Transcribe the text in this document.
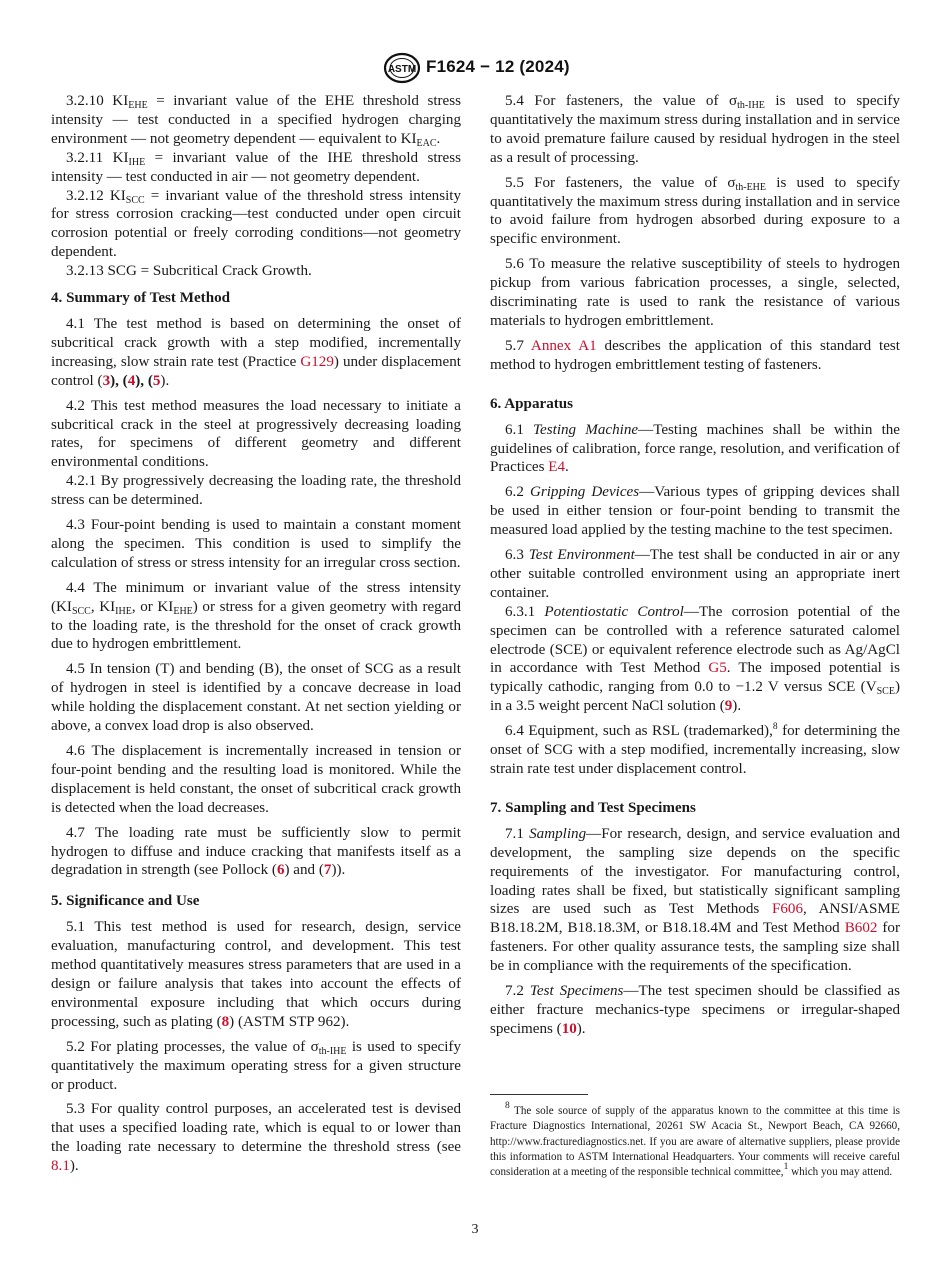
ASTM F1624 − 12 (2024)

3.2.10 $KI_{EHE}$ = invariant value of the EHE threshold stress intensity — test conducted in a specified hydrogen charging environment — not geometry dependent — equivalent to $KI_{EAC}$.

3.2.11 $KI_{IHE}$ = invariant value of the IHE threshold stress intensity — test conducted in air — not geometry dependent.

3.2.12 $KI_{SCC}$ = invariant value of the threshold stress intensity for stress corrosion cracking—test conducted under open circuit corrosion potential or freely corroding conditions—not geometry dependent.

3.2.13 SCG = Subcritical Crack Growth.

4. Summary of Test Method

4.1 The test method is based on determining the onset of subcritical crack growth with a step modified, incrementally increasing, slow strain rate test (Practice G129) under displacement control (3), (4), (5).

4.2 This test method measures the load necessary to initiate a subcritical crack in the steel at progressively decreasing loading rates, for specimens of different geometry and different environmental conditions.

4.2.1 By progressively decreasing the loading rate, the threshold stress can be determined.

4.3 Four-point bending is used to maintain a constant moment along the specimen. This condition is used to simplify the calculation of stress or stress intensity for an irregular cross section.

4.4 The minimum or invariant value of the stress intensity ($KI_{SCC}$, $KI_{IHE}$, or $KI_{EHE}$) or stress for a given geometry with regard to the loading rate, is the threshold for the onset of crack growth due to hydrogen embrittlement.

4.5 In tension (T) and bending (B), the onset of SCG as a result of hydrogen in steel is identified by a concave decrease in load while holding the displacement constant. At net section yielding or above, a convex load drop is also observed.

4.6 The displacement is incrementally increased in tension or four-point bending and the resulting load is monitored. While the displacement is held constant, the onset of subcritical crack growth is detected when the load decreases.

4.7 The loading rate must be sufficiently slow to permit hydrogen to diffuse and induce cracking that manifests itself as a degradation in strength (see Pollock (6) and (7)).

5. Significance and Use

5.1 This test method is used for research, design, service evaluation, manufacturing control, and development. This test method quantitatively measures stress parameters that are used in a design or failure analysis that takes into account the effects of environmental exposure including that which occurs during processing, such as plating (8) (ASTM STP 962).

5.2 For plating processes, the value of $\sigma_{th-IHE}$ is used to specify quantitatively the maximum operating stress for a given structure or product.

5.3 For quality control purposes, an accelerated test is devised that uses a specified loading rate, which is equal to or lower than the loading rate necessary to determine the threshold stress (see 8.1).

5.4 For fasteners, the value of $\sigma_{th-IHE}$ is used to specify quantitatively the maximum stress during installation and in service to avoid premature failure caused by residual hydrogen in the steel as a result of processing.

5.5 For fasteners, the value of $\sigma_{th-EHE}$ is used to specify quantitatively the maximum stress during installation and in service to avoid failure from hydrogen absorbed during exposure to a specific environment.

5.6 To measure the relative susceptibility of steels to hydrogen pickup from various fabrication processes, a single, selected, discriminating rate is used to rank the resistance of various materials to hydrogen embrittlement.

5.7 Annex A1 describes the application of this standard test method to hydrogen embrittlement testing of fasteners.

6. Apparatus

6.1 Testing Machine—Testing machines shall be within the guidelines of calibration, force range, resolution, and verification of Practices E4.

6.2 Gripping Devices—Various types of gripping devices shall be used in either tension or four-point bending to transmit the measured load applied by the testing machine to the test specimen.

6.3 Test Environment—The test shall be conducted in air or any other suitable controlled environment using an appropriate inert container.

6.3.1 Potentiostatic Control—The corrosion potential of the specimen can be controlled with a reference saturated calomel electrode (SCE) or equivalent reference electrode such as Ag/AgCl in accordance with Test Method G5. The imposed potential is typically cathodic, ranging from 0.0 to −1.2 V versus SCE $(V_{SCE})$ in a 3.5 weight percent NaCl solution (9).

6.4 Equipment, such as RSL (trademarked),$^8$ for determining the onset of SCG with a step modified, incrementally increasing, slow strain rate test under displacement control.

7. Sampling and Test Specimens

7.1 Sampling—For research, design, and service evaluation and development, the sampling size depends on the specific requirements of the investigator. For manufacturing control, loading rates shall be fixed, but statistically significant sampling sizes are used such as Test Methods F606, ANSI/ASME B18.18.2M, B18.18.3M, or B18.18.4M and Test Method B602 for fasteners. For other quality assurance tests, the sampling size shall be in compliance with the requirements of the specification.

7.2 Test Specimens—The test specimen should be classified as either fracture mechanics-type specimens or irregular-shaped specimens (10).

$^8$ The sole source of supply of the apparatus known to the committee at this time is Fracture Diagnostics International, 20261 SW Acacia St., Newport Beach, CA 92660, http://www.fracturediagnostics.net. If you are aware of alternative suppliers, please provide this information to ASTM International Headquarters. Your comments will receive careful consideration at a meeting of the responsible technical committee,$^1$ which you may attend.

3
